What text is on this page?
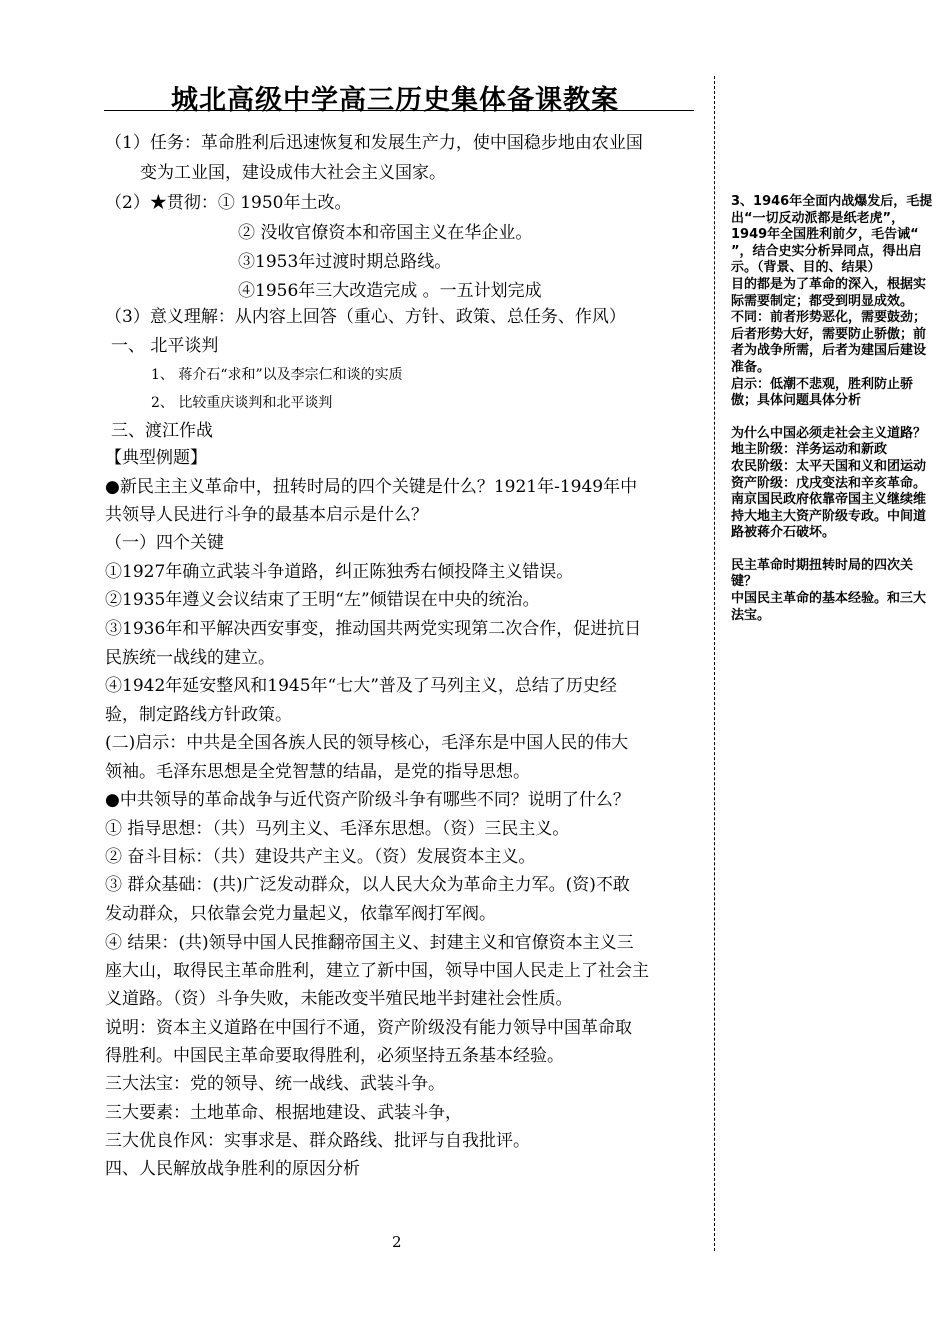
城北高级中学高三历史集体备课教案
（1）任务：革命胜利后迅速恢复和发展生产力，使中国稳步地由农业国
变为工业国，建设成伟大社会主义国家。
（2）★贯彻：① 1950年土改。
② 没收官僚资本和帝国主义在华企业。
③1953年过渡时期总路线。
④1956年三大改造完成 。一五计划完成
（3）意义理解：从内容上回答（重心、方针、政策、总任务、作风）
一、 北平谈判
1、 蒋介石“求和”以及李宗仁和谈的实质
2、 比较重庆谈判和北平谈判
三、渡江作战
【典型例题】
●新民主主义革命中，扭转时局的四个关键是什么？1921年-1949年中
共领导人民进行斗争的最基本启示是什么？
（一）四个关键
①1927年确立武装斗争道路，纠正陈独秀右倾投降主义错误。
②1935年遵义会议结束了王明“左”倾错误在中央的统治。
③1936年和平解决西安事变，推动国共两党实现第二次合作，促进抗日
民族统一战线的建立。
④1942年延安整风和1945年“七大”普及了马列主义，总结了历史经
验，制定路线方针政策。
(二)启示：中共是全国各族人民的领导核心，毛泽东是中国人民的伟大
领袖。毛泽东思想是全党智慧的结晶，是党的指导思想。
●中共领导的革命战争与近代资产阶级斗争有哪些不同？说明了什么？
① 指导思想：（共）马列主义、毛泽东思想。（资）三民主义。
② 奋斗目标：（共）建设共产主义。（资）发展资本主义。
③ 群众基础：(共)广泛发动群众，以人民大众为革命主力军。(资)不敢
发动群众，只依靠会党力量起义，依靠军阀打军阀。
④ 结果：(共)领导中国人民推翻帝国主义、封建主义和官僚资本主义三
座大山，取得民主革命胜利，建立了新中国，领导中国人民走上了社会主
义道路。（资）斗争失败，未能改变半殖民地半封建社会性质。
说明：资本主义道路在中国行不通，资产阶级没有能力领导中国革命取
得胜利。中国民主革命要取得胜利，必须坚持五条基本经验。
三大法宝：党的领导、统一战线、武装斗争。
三大要素：土地革命、根据地建设、武装斗争，
三大优良作风：实事求是、群众路线、批评与自我批评。
四、人民解放战争胜利的原因分析

3、1946年全面内战爆发后，毛提出“一切反动派都是纸老虎”，1949年全国胜利前夕，毛告诫“ ”，结合史实分析异同点，得出启示。（背景、目的、结果）

目的都是为了革命的深入，根据实际需要制定；都受到明显成效。

不同：前者形势恶化，需要鼓劲；后者形势大好，需要防止骄傲；前者为战争所需，后者为建国后建设准备。

启示：低潮不悲观，胜利防止骄傲；具体问题具体分析

为什么中国必须走社会主义道路？

地主阶级：洋务运动和新政

农民阶级：太平天国和义和团运动

资产阶级：戊戌变法和辛亥革命。

南京国民政府依靠帝国主义继续维持大地主大资产阶级专政。中间道路被蒋介石破坏。

民主革命时期扭转时局的四次关键？

中国民主革命的基本经验。和三大法宝。

2
